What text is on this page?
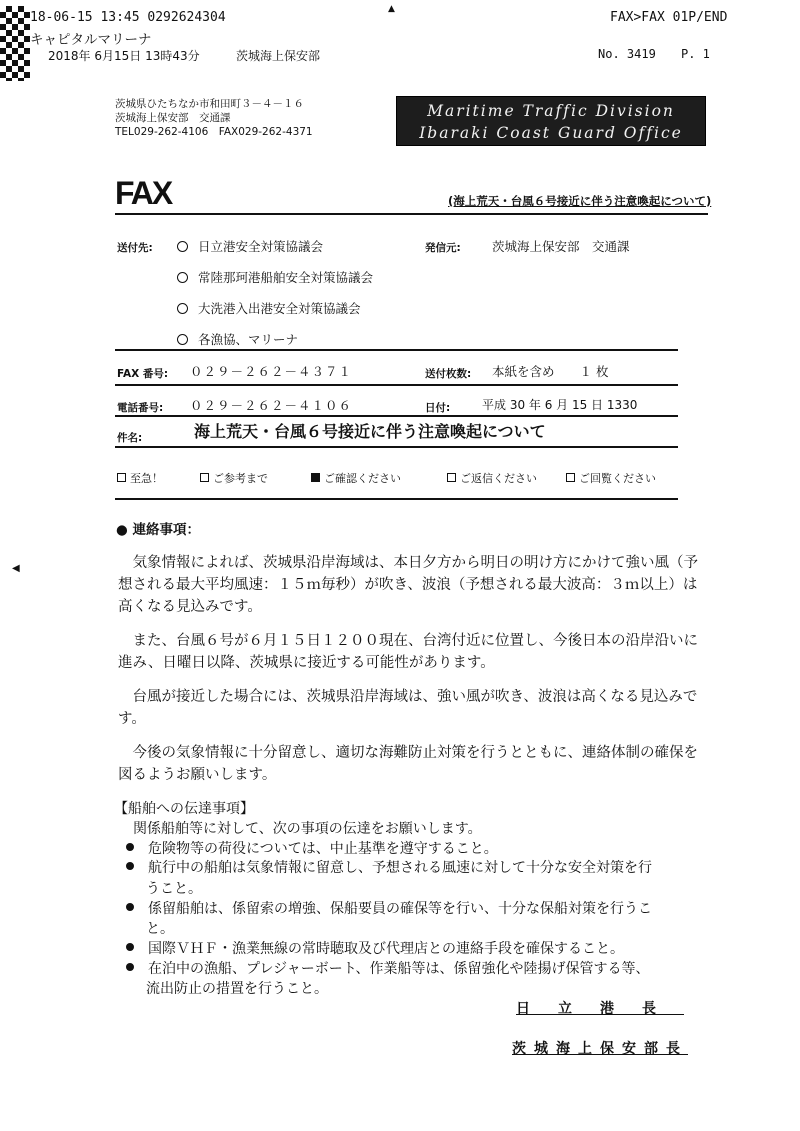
18-06-15 13:45 0292624304
▲
FAX>FAX 01P/END
キャピタルマリーナ
2018年 6月15日 13時43分	茨城海上保安部	No. 3419 P. 1
茨城県ひたちなか市和田町３－４－１６
茨城海上保安部　交通課
TEL029-262-4106　FAX029-262-4371
Maritime Traffic Division
Ibaraki Coast Guard Office
FAX	(海上荒天・台風６号接近に伴う注意喚起について)
送付先:	日立港安全対策協議会
常陸那珂港船舶安全対策協議会
大洗港入出港安全対策協議会
各漁協、マリーナ
発信元:	茨城海上保安部　交通課
FAX 番号: ０２９－２６２－４３７１	送付枚数: 本紙を含め　　１ 枚
電話番号: ０２９－２６２－４１０６	日付:	平成 30 年 6 月 15 日 1330
件名:	海上荒天・台風６号接近に伴う注意喚起について
至急！	ご参考まで	ご確認ください	ご返信ください	ご回覧ください
● 連絡事項：
◀	気象情報によれば、茨城県沿岸海域は、本日夕方から明日の明け方にかけて強い風（予想される最大平均風速：１５ｍ毎秒）が吹き、波浪（予想される最大波高：３ｍ以上）は高くなる見込みです。
また、台風６号が６月１５日１２００現在、台湾付近に位置し、今後日本の沿岸沿いに進み、日曜日以降、茨城県に接近する可能性があります。
台風が接近した場合には、茨城県沿岸海域は、強い風が吹き、波浪は高くなる見込みです。
今後の気象情報に十分留意し、適切な海難防止対策を行うとともに、連絡体制の確保を図るようお願いします。
【船舶への伝達事項】
関係船舶等に対して、次の事項の伝達をお願いします。
危険物等の荷役については、中止基準を遵守すること。
航行中の船舶は気象情報に留意し、予想される風速に対して十分な安全対策を行
うこと。
係留船舶は、係留索の増強、保船要員の確保等を行い、十分な保船対策を行うこ
と。
国際ＶＨＦ・漁業無線の常時聴取及び代理店との連絡手段を確保すること。
在泊中の漁船、プレジャーボート、作業船等は、係留強化や陸揚げ保管する等、
流出防止の措置を行うこと。
日立港長
茨城海上保安部長
